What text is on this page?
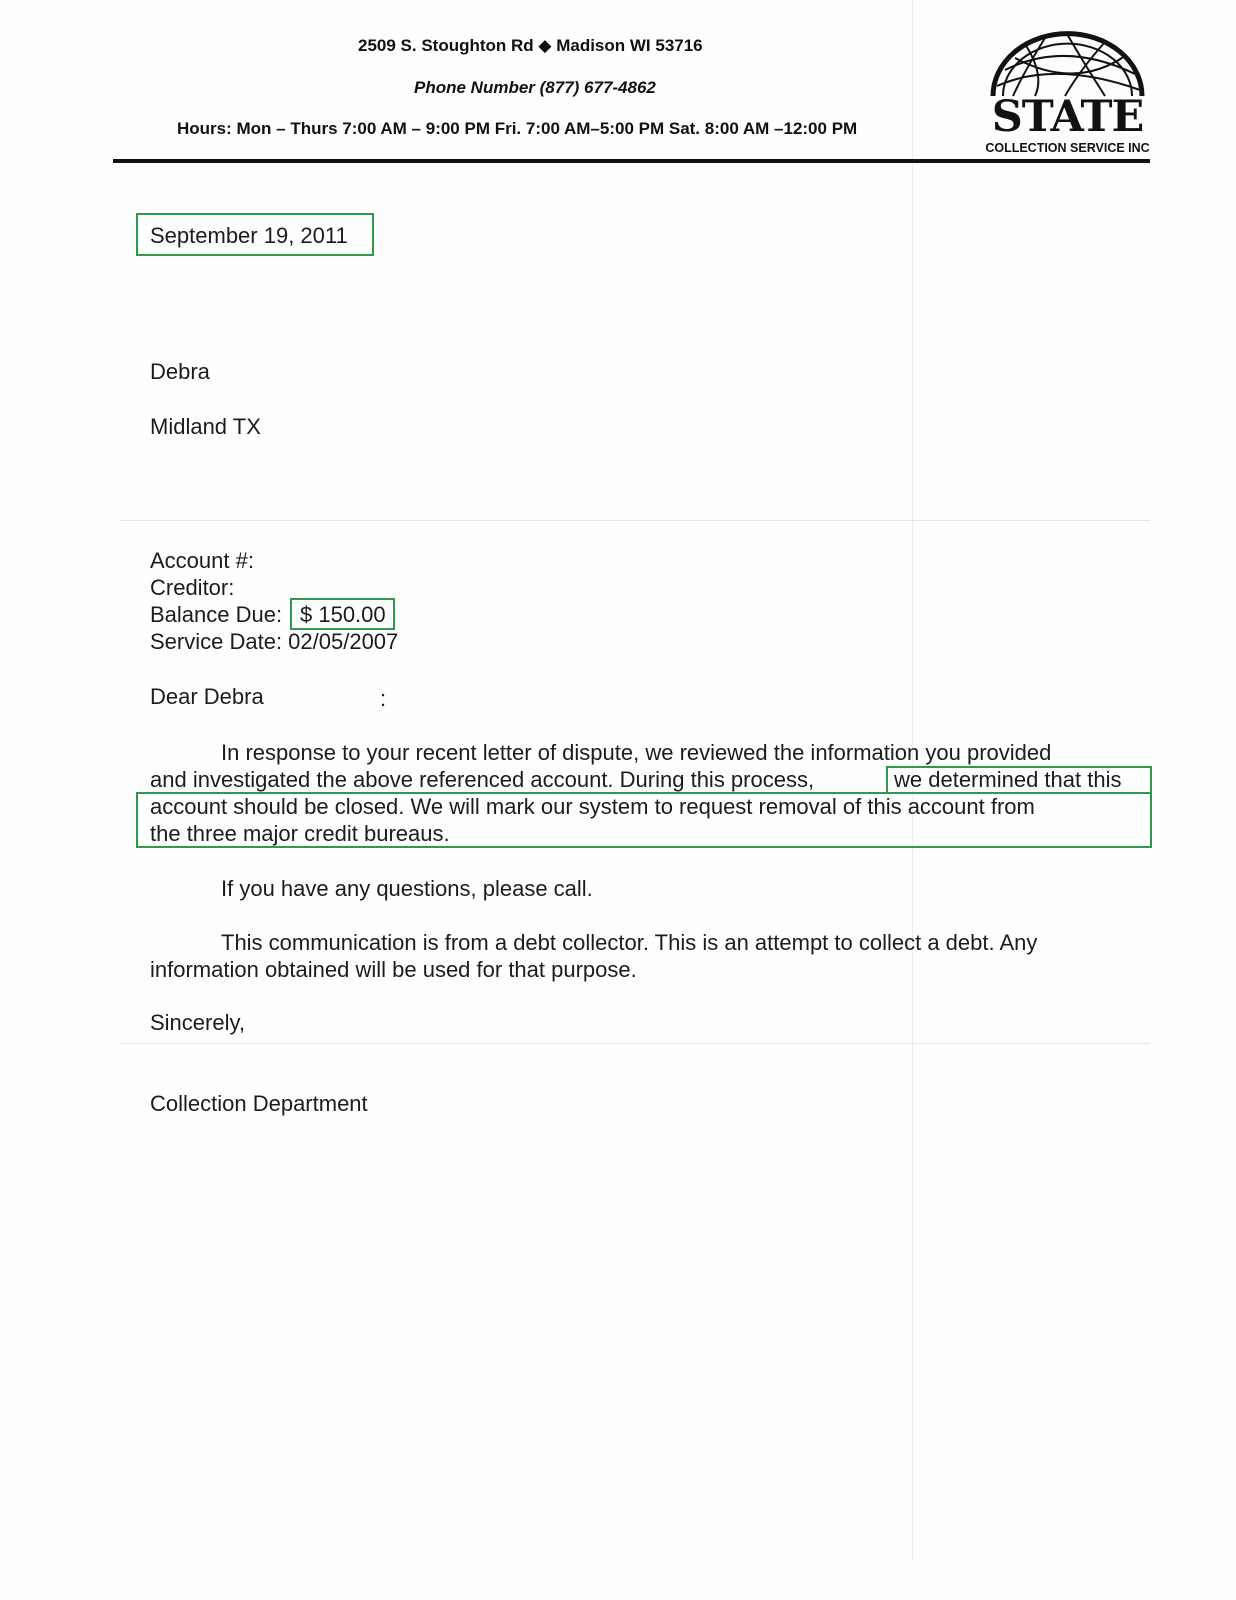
2509 S. Stoughton Rd ◆ Madison WI 53716
Phone Number (877) 677-4862
Hours: Mon – Thurs 7:00 AM – 9:00 PM Fri. 7:00 AM–5:00 PM Sat. 8:00 AM –12:00 PM	STATE
COLLECTION SERVICE INC
September 19, 2011
Debra
Midland TX
Account #:
Creditor:
Balance Due: $ 150.00
Service Date: 02/05/2007
Dear Debra	:
In response to your recent letter of dispute, we reviewed the information you provided
and investigated the above referenced account. During this process,	we determined that this
account should be closed. We will mark our system to request removal of this account from
the three major credit bureaus.
If you have any questions, please call.
This communication is from a debt collector. This is an attempt to collect a debt. Any
information obtained will be used for that purpose.
Sincerely,
Collection Department
